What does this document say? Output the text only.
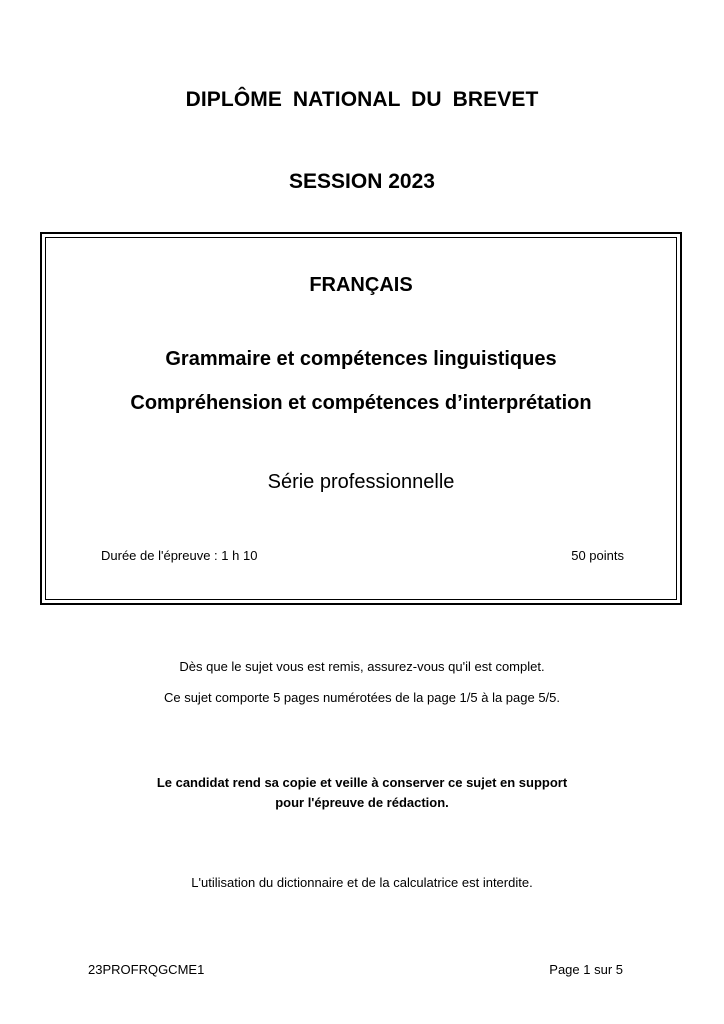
DIPLÔME NATIONAL DU BREVET
SESSION 2023
FRANÇAIS
Grammaire et compétences linguistiques
Compréhension et compétences d’interprétation
Série professionnelle
Durée de l'épreuve : 1 h 10	50 points
Dès que le sujet vous est remis, assurez-vous qu'il est complet.
Ce sujet comporte 5 pages numérotées de la page 1/5 à la page 5/5.
Le candidat rend sa copie et veille à conserver ce sujet en support
pour l'épreuve de rédaction.
L'utilisation du dictionnaire et de la calculatrice est interdite.
23PROFRQGCME1	Page 1 sur 5
